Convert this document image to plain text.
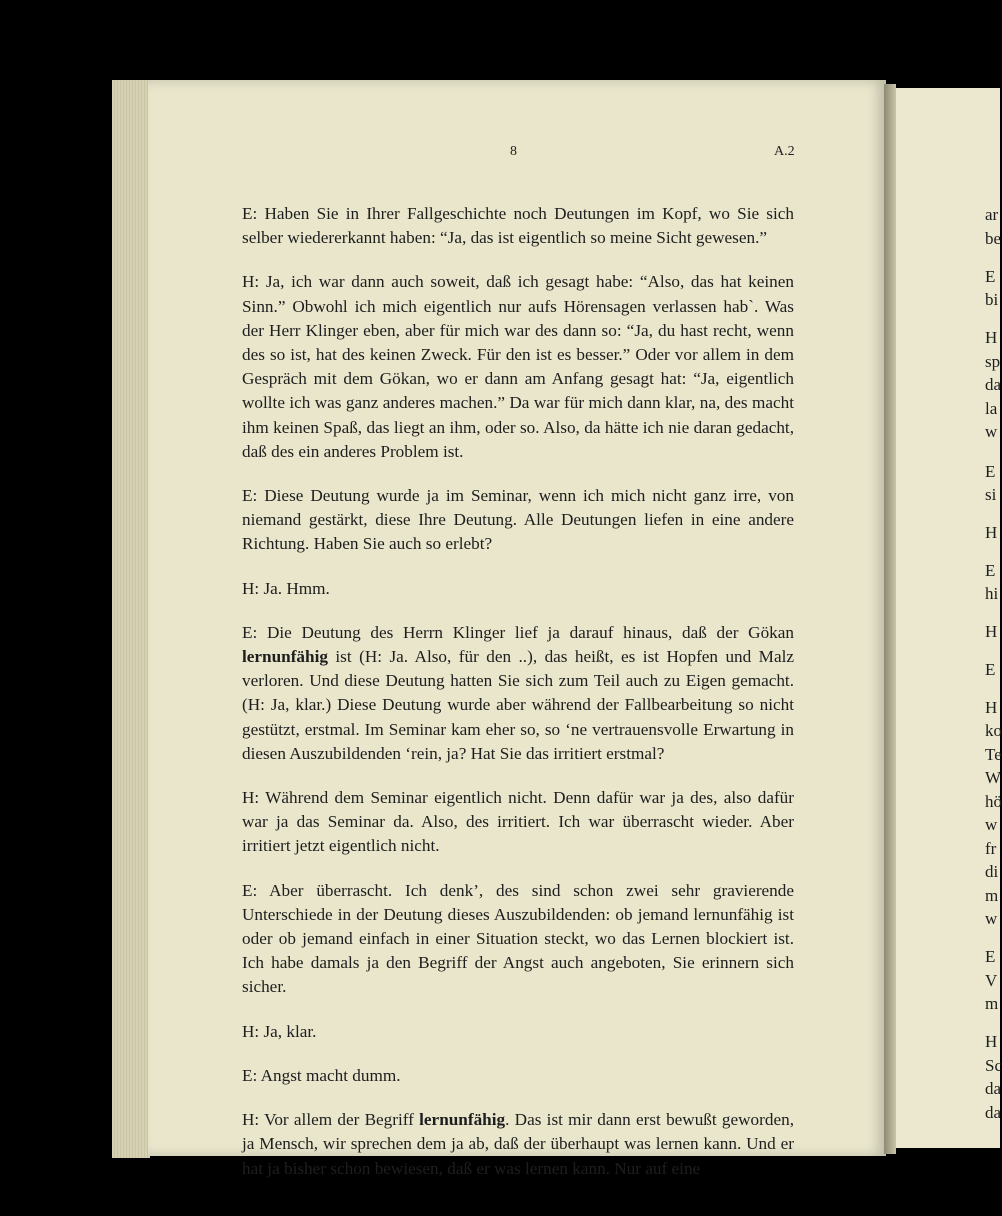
8	A.2

E: Haben Sie in Ihrer Fallgeschichte noch Deutungen im Kopf, wo Sie sich selber wiedererkannt haben: “Ja, das ist eigentlich so meine Sicht gewesen.”

H: Ja, ich war dann auch soweit, daß ich gesagt habe: “Also, das hat keinen Sinn.” Obwohl ich mich eigentlich nur aufs Hörensagen verlassen hab`. Was der Herr Klinger eben, aber für mich war des dann so: “Ja, du hast recht, wenn des so ist, hat des keinen Zweck. Für den ist es besser.” Oder vor allem in dem Gespräch mit dem Gökan, wo er dann am Anfang gesagt hat: “Ja, eigentlich wollte ich was ganz anderes machen.” Da war für mich dann klar, na, des macht ihm keinen Spaß, das liegt an ihm, oder so. Also, da hätte ich nie daran gedacht, daß des ein anderes Problem ist.

E: Diese Deutung wurde ja im Seminar, wenn ich mich nicht ganz irre, von niemand gestärkt, diese Ihre Deutung. Alle Deutungen liefen in eine andere Richtung. Haben Sie auch so erlebt?

H: Ja. Hmm.

E: Die Deutung des Herrn Klinger lief ja darauf hinaus, daß der Gökan lernunfähig ist (H: Ja. Also, für den ..), das heißt, es ist Hopfen und Malz verloren. Und diese Deutung hatten Sie sich zum Teil auch zu Eigen gemacht. (H: Ja, klar.) Diese Deutung wurde aber während der Fallbearbeitung so nicht gestützt, erstmal. Im Seminar kam eher so, so ‘ne vertrauensvolle Erwartung in diesen Auszubildenden ‘rein, ja? Hat Sie das irritiert erstmal?

H: Während dem Seminar eigentlich nicht. Denn dafür war ja des, also dafür war ja das Seminar da. Also, des irritiert. Ich war überrascht wieder. Aber irritiert jetzt eigentlich nicht.

E: Aber überrascht. Ich denk’, des sind schon zwei sehr gravierende Unterschiede in der Deutung dieses Auszubildenden: ob jemand lernunfähig ist oder ob jemand einfach in einer Situation steckt, wo das Lernen blockiert ist. Ich habe damals ja den Begriff der Angst auch angeboten, Sie erinnern sich sicher.

H: Ja, klar.

E: Angst macht dumm.

H: Vor allem der Begriff lernunfähig. Das ist mir dann erst bewußt geworden, ja Mensch, wir sprechen dem ja ab, daß der überhaupt was lernen kann. Und er hat ja bisher schon bewiesen, daß er was lernen kann. Nur auf eine

ar
be
E
bi
H
sp
da
la
w
E
si
H
E
hi
H
E
H
ko
Te
W
hö
w
fr
di
m
w
E
V
m
H
Sc
da
da
